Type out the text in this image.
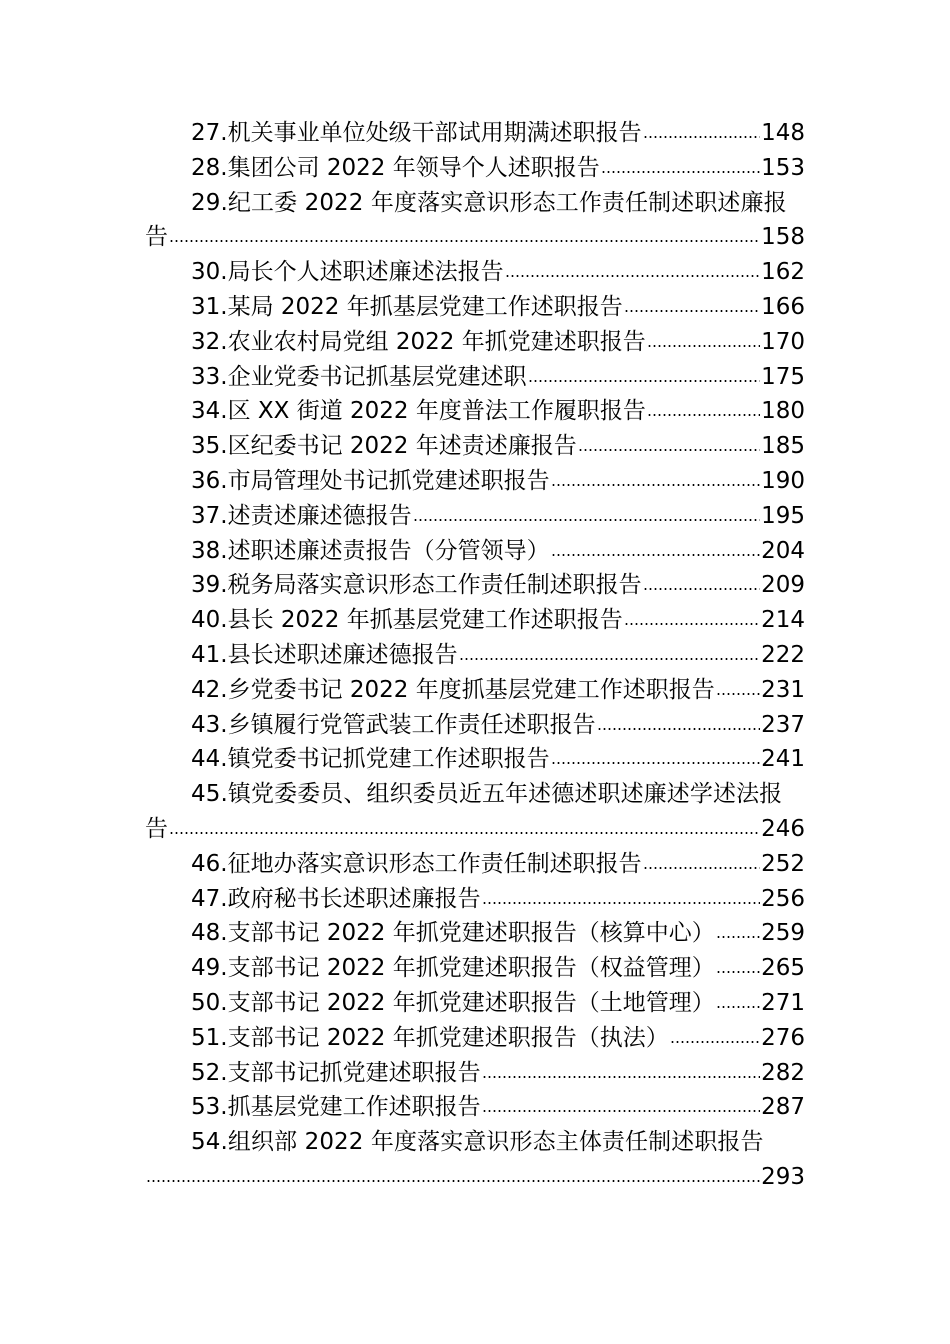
27.机关事业单位处级干部试用期满述职报告	148
28.集团公司 2022 年领导个人述职报告	153
29.纪工委 2022 年度落实意识形态工作责任制述职述廉报
告	158
30.局长个人述职述廉述法报告	162
31.某局 2022 年抓基层党建工作述职报告	166
32.农业农村局党组 2022 年抓党建述职报告	170
33.企业党委书记抓基层党建述职	175
34.区 XX 街道 2022 年度普法工作履职报告	180
35.区纪委书记 2022 年述责述廉报告	185
36.市局管理处书记抓党建述职报告	190
37.述责述廉述德报告	195
38.述职述廉述责报告（分管领导）	204
39.税务局落实意识形态工作责任制述职报告	209
40.县长 2022 年抓基层党建工作述职报告	214
41.县长述职述廉述德报告	222
42.乡党委书记 2022 年度抓基层党建工作述职报告 231
43.乡镇履行党管武装工作责任述职报告	237
44.镇党委书记抓党建工作述职报告	241
45.镇党委委员、组织委员近五年述德述职述廉述学述法报
告	246
46.征地办落实意识形态工作责任制述职报告	252
47.政府秘书长述职述廉报告	256
48.支部书记 2022 年抓党建述职报告（核算中心） 259
49.支部书记 2022 年抓党建述职报告（权益管理） 265
50.支部书记 2022 年抓党建述职报告（土地管理） 271
51.支部书记 2022 年抓党建述职报告（执法）	276
52.支部书记抓党建述职报告	282
53.抓基层党建工作述职报告	287
54.组织部 2022 年度落实意识形态主体责任制述职报告
293
